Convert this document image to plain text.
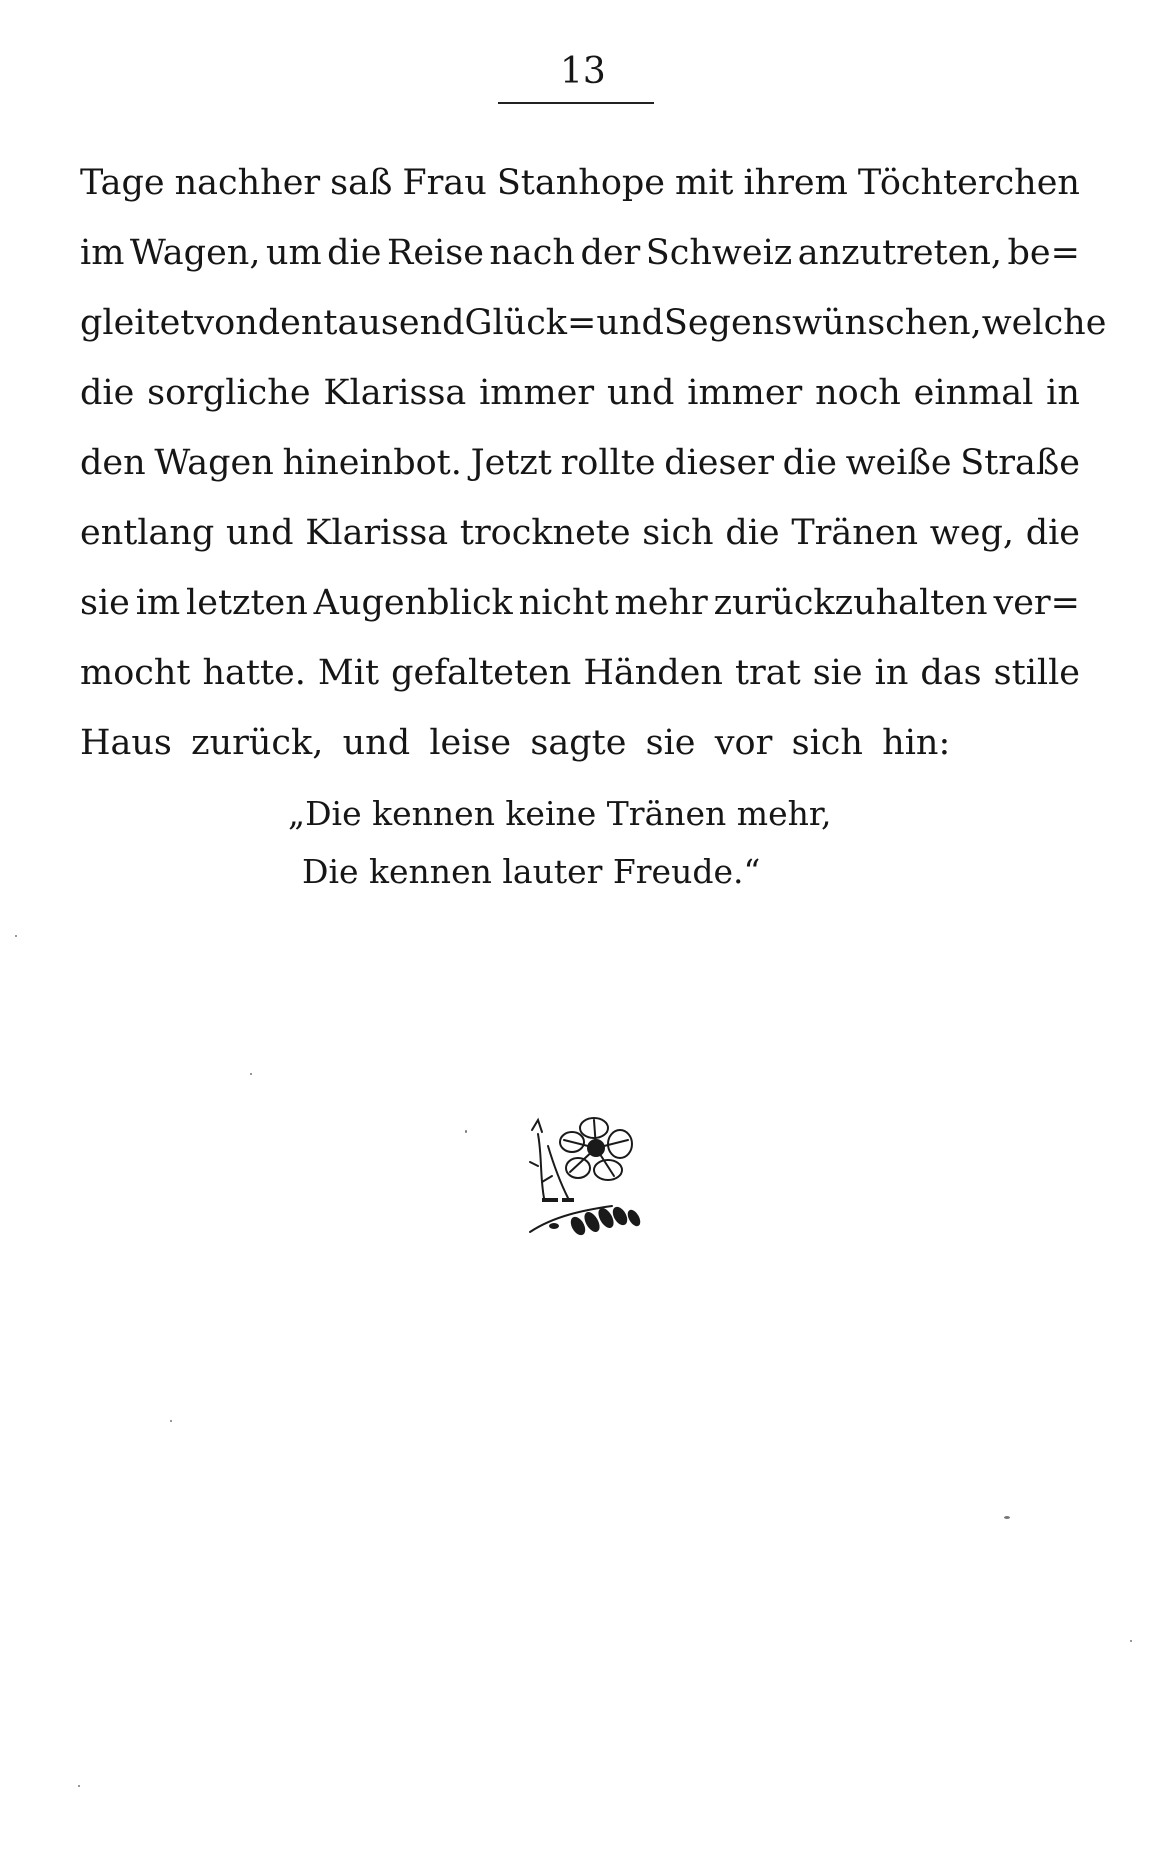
13
Tage nachher saß Frau Stanhope mit ihrem Töchterchen
im Wagen, um die Reise nach der Schweiz anzutreten, be=
gleitet von den tausend Glück= und Segenswünschen, welche
die sorgliche Klarissa immer und immer noch einmal in
den Wagen hineinbot. Jetzt rollte dieser die weiße Straße
entlang und Klarissa trocknete sich die Tränen weg, die
sie im letzten Augenblick nicht mehr zurückzuhalten ver=
mocht hatte. Mit gefalteten Händen trat sie in das stille
Haus zurück, und leise sagte sie vor sich hin:
„Die kennen keine Tränen mehr,
Die kennen lauter Freude.“
